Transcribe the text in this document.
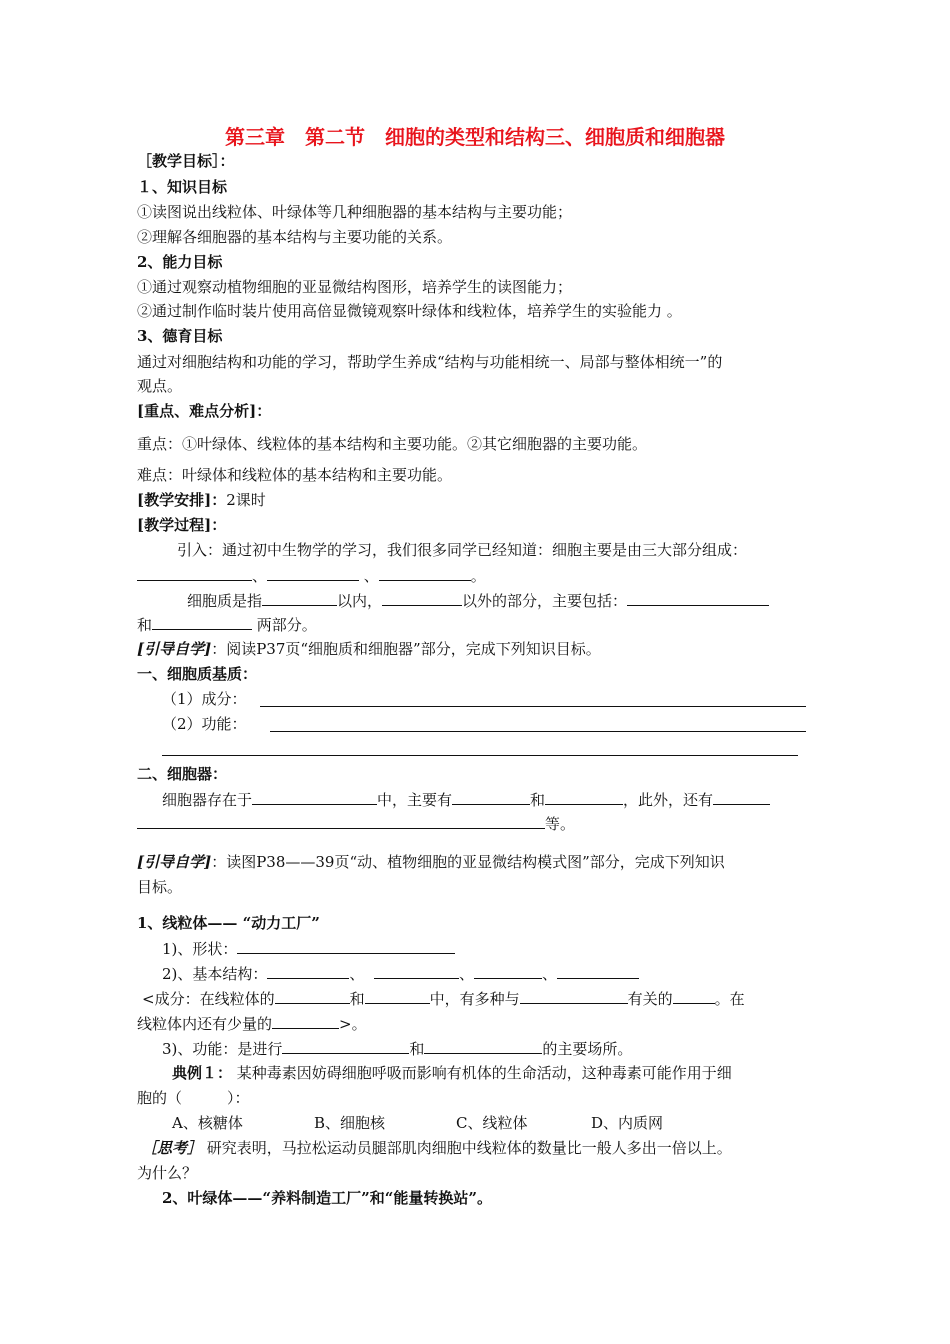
第三章　第二节　细胞的类型和结构三、细胞质和细胞器
［教学目标］：
１、知识目标
①读图说出线粒体、叶绿体等几种细胞器的基本结构与主要功能；
②理解各细胞器的基本结构与主要功能的关系。
2、能力目标
①通过观察动植物细胞的亚显微结构图形，培养学生的读图能力；
②通过制作临时装片使用高倍显微镜观察叶绿体和线粒体，培养学生的实验能力 。
3、德育目标
通过对细胞结构和功能的学习，帮助学生养成“结构与功能相统一、局部与整体相统一”的
观点。
[重点、难点分析]：
重点：①叶绿体、线粒体的基本结构和主要功能。②其它细胞器的主要功能。
难点：叶绿体和线粒体的基本结构和主要功能。
[教学安排]：2课时
[教学过程]：
引入：通过初中生物学的学习，我们很多同学已经知道：细胞主要是由三大部分组成：
、	、	。
细胞质是指	以内，	以外的部分，主要包括：
和	两部分。
[引导自学]：阅读P37页“细胞质和细胞器”部分，完成下列知识目标。
一、细胞质基质：
（1）成分：
（2）功能：
二、细胞器：
细胞器存在于	中，主要有	和	，此外，还有
等。
[引导自学]：读图P38——39页“动、植物细胞的亚显微结构模式图”部分，完成下列知识
目标。
1、线粒体—— “动力工厂”
1)、形状：
2)、基本结构：	、	、	、
<成分：在线粒体的	和	中，有多种与	有关的	。在
线粒体内还有少量的	>。
3)、功能：是进行	和	的主要场所。
典例１： 某种毒素因妨碍细胞呼吸而影响有机体的生命活动，这种毒素可能作用于细
胞的（　　　）：
A、核糖体	B、细胞核	C、线粒体	D、内质网
［思考］ 研究表明，马拉松运动员腿部肌肉细胞中线粒体的数量比一般人多出一倍以上。
为什么？
2、叶绿体——“养料制造工厂”和“能量转换站”。
